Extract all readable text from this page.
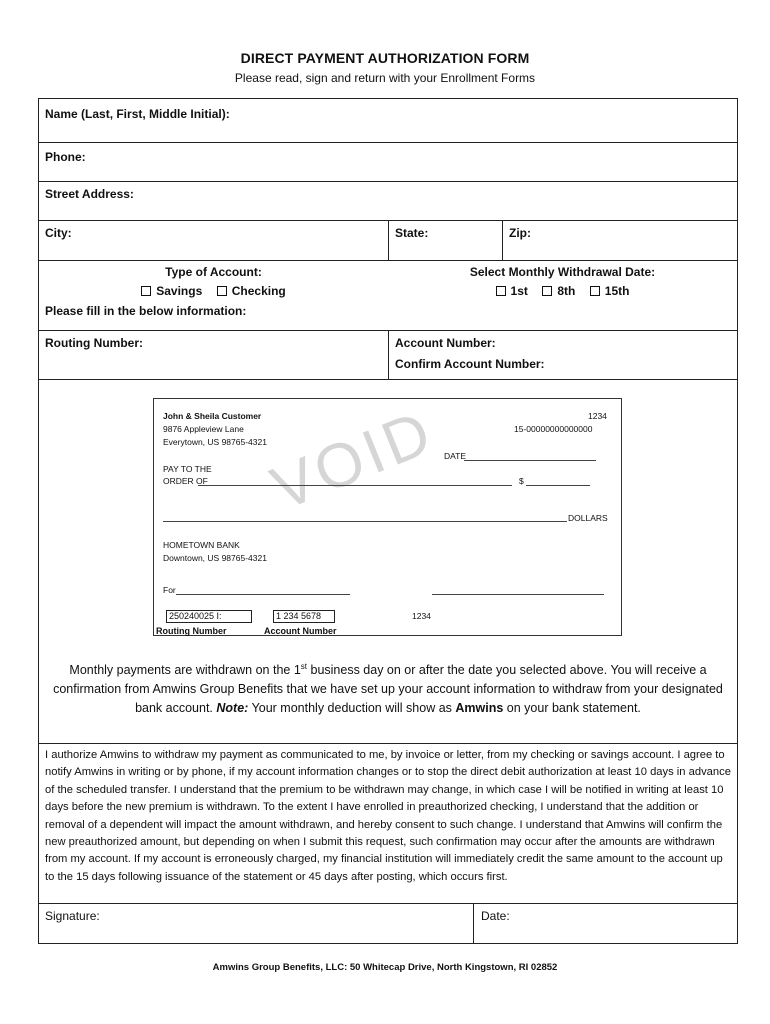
DIRECT PAYMENT AUTHORIZATION FORM
Please read, sign and return with your Enrollment Forms
Name (Last, First, Middle Initial):
Phone:
Street Address:
City:	State:	Zip:
Type of Account:
Savings Checking
Select Monthly Withdrawal Date:
1st 8th 15th
Please fill in the below information:
Routing Number:	Account Number:
Confirm Account Number:
VOID
John & Sheila Customer
9876 Appleview Lane
Everytown, US 98765-4321
1234
15-00000000000000
DATE
PAY TO THE
ORDER OF	$
DOLLARS
HOMETOWN BANK
Downtown, US 98765-4321
For
250240025 I:	1 234 5678	1234
Routing Number	Account Number
Monthly payments are withdrawn on the 1st business day on or after the date you selected above. You will receive a confirmation from Amwins Group Benefits that we have set up your account information to withdraw from your designated bank account. Note: Your monthly deduction will show as Amwins on your bank statement.
I authorize Amwins to withdraw my payment as communicated to me, by invoice or letter, from my checking or savings account. I agree to notify Amwins in writing or by phone, if my account information changes or to stop the direct debit authorization at least 10 days in advance of the scheduled transfer. I understand that the premium to be withdrawn may change, in which case I will be notified in writing at least 10 days before the new premium is withdrawn. To the extent I have enrolled in preauthorized checking, I understand that the addition or removal of a dependent will impact the amount withdrawn, and hereby consent to such change. I understand that Amwins will confirm the new preauthorized amount, but depending on when I submit this request, such confirmation may occur after the amounts are withdrawn from my account. If my account is erroneously charged, my financial institution will immediately credit the same amount to the account up to the 15 days following issuance of the statement or 45 days after posting, which occurs first.
Signature:	Date:
Amwins Group Benefits, LLC: 50 Whitecap Drive, North Kingstown, RI 02852
